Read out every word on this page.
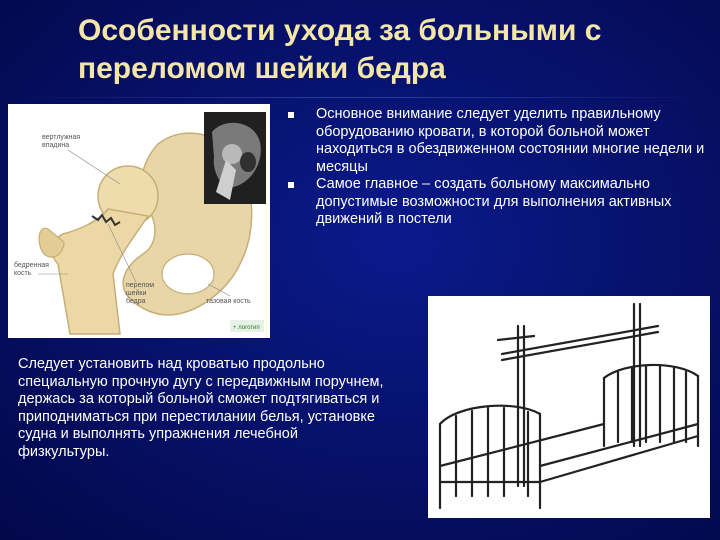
Особенности ухода за больными с
переломом шейки бедра
+ логотип
вертлужная впадина
бедренная кость
перелом шейки бедра	тазовая кость
Основное внимание следует уделить правильному оборудованию кровати, в которой больной может находиться в обездвиженном состоянии многие недели и месяцы
Самое главное – создать больному максимально допустимые возможности для выполнения активных движений в постели
Следует установить над кроватью продольно специальную прочную дугу с передвижным поручнем, держась за который больной сможет подтягиваться и приподниматься при перестилании белья, установке судна и выполнять упражнения лечебной физкультуры.
